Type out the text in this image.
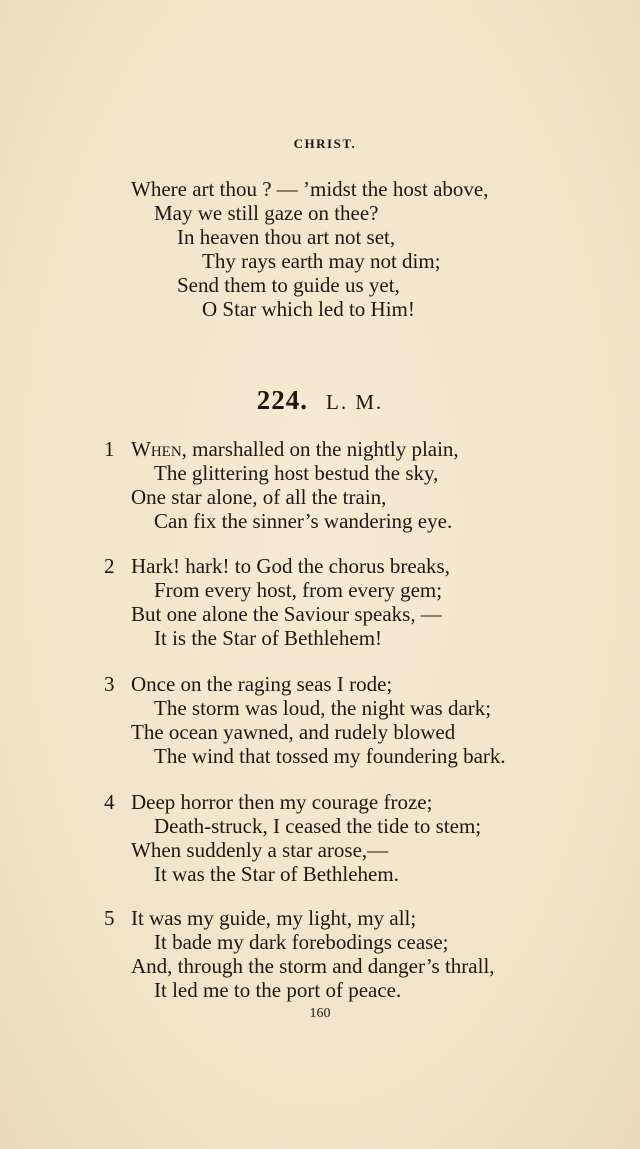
CHRIST.
Where art thou ? — ’midst the host above,
May we still gaze on thee?
In heaven thou art not set,
Thy rays earth may not dim;
Send them to guide us yet,
O Star which led to Him!
224. L. M.
1 When, marshalled on the nightly plain,
The glittering host bestud the sky,
One star alone, of all the train,
Can fix the sinner’s wandering eye.
2 Hark! hark! to God the chorus breaks,
From every host, from every gem;
But one alone the Saviour speaks, —
It is the Star of Bethlehem!
3 Once on the raging seas I rode;
The storm was loud, the night was dark;
The ocean yawned, and rudely blowed
The wind that tossed my foundering bark.
4 Deep horror then my courage froze;
Death-struck, I ceased the tide to stem;
When suddenly a star arose,—
It was the Star of Bethlehem.
5 It was my guide, my light, my all;
It bade my dark forebodings cease;
And, through the storm and danger’s thrall,
It led me to the port of peace.
160
